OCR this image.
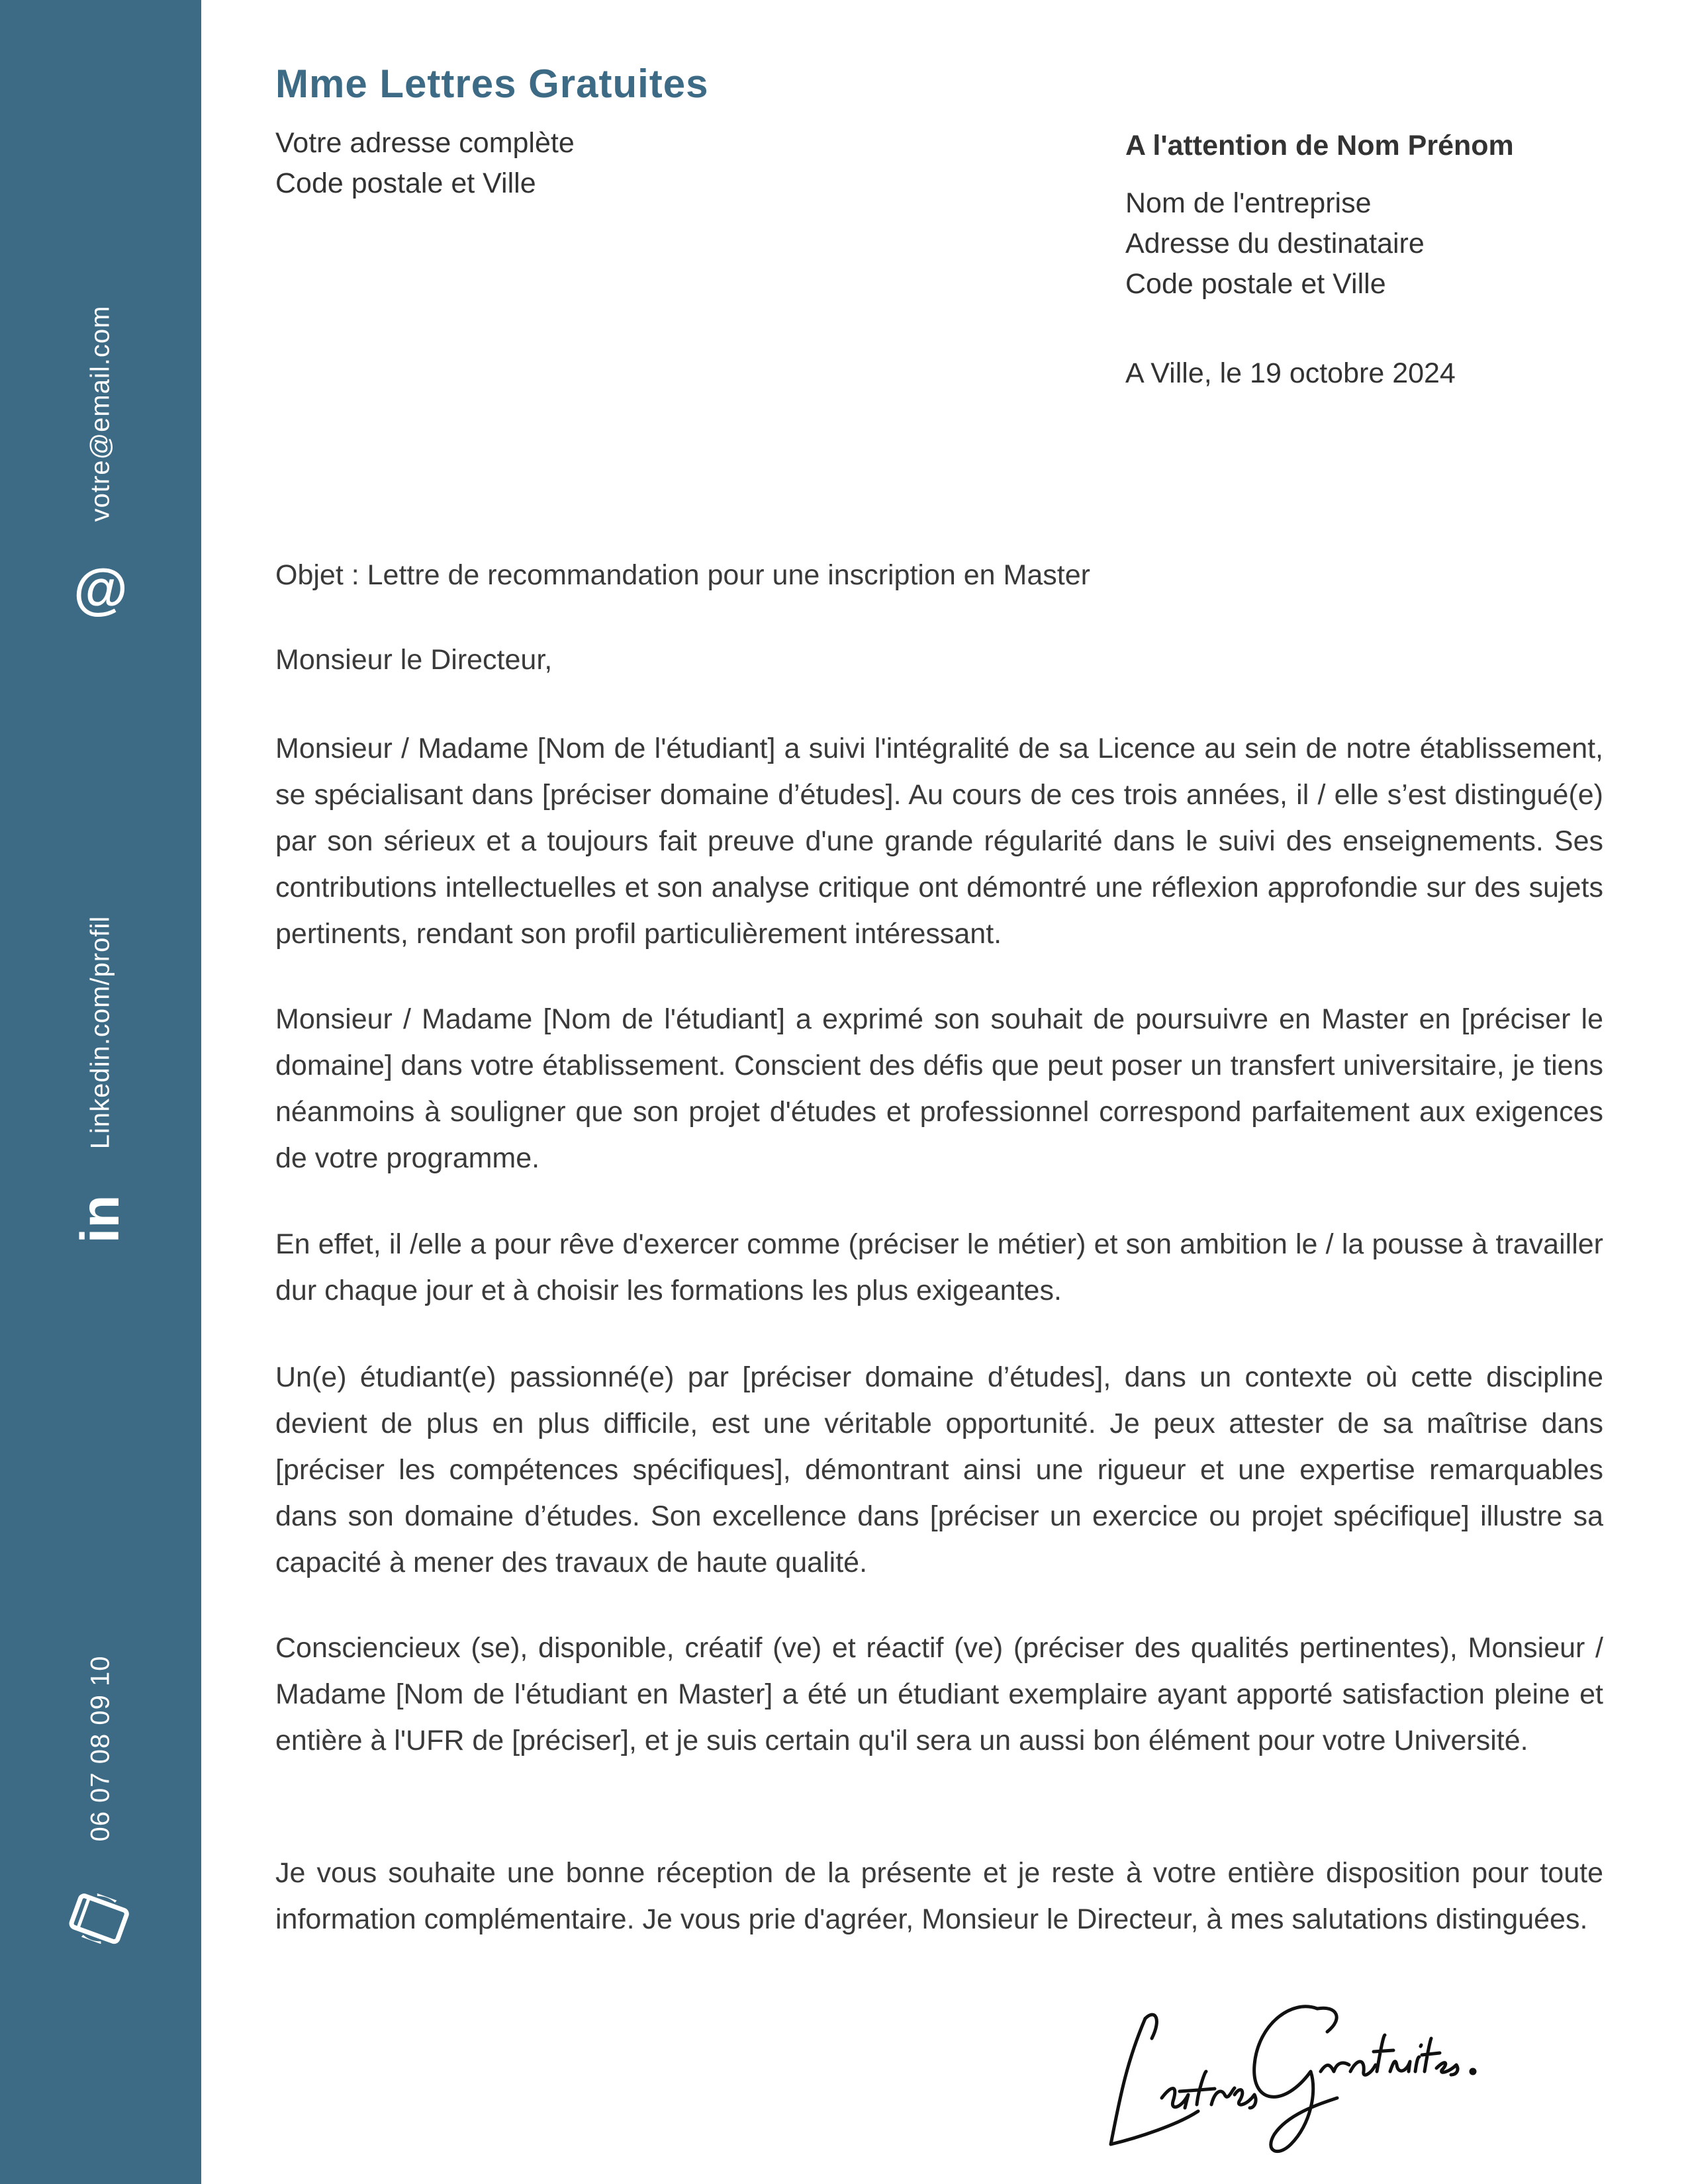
votre@email.com
@
Linkedin.com/profil
in
06 07 08 09 10
Mme Lettres Gratuites
Votre adresse complète
Code postale et Ville
A l'attention de Nom Prénom
Nom de l'entreprise
Adresse du destinataire
Code postale et Ville
A Ville, le 19 octobre 2024
Objet : Lettre de recommandation pour une inscription en Master
Monsieur le Directeur,

Monsieur / Madame [Nom de l'étudiant] a suivi l'intégralité de sa Licence au sein de notre établissement, se spécialisant dans [préciser domaine d’études]. Au cours de ces trois années, il / elle s’est distingué(e) par son sérieux et a toujours fait preuve d'une grande régularité dans le suivi des enseignements. Ses contributions intellectuelles et son analyse critique ont démontré une réflexion approfondie sur des sujets pertinents, rendant son profil particulièrement intéressant.

Monsieur / Madame [Nom de l'étudiant] a exprimé son souhait de poursuivre en Master en [préciser le domaine] dans votre établissement. Conscient des défis que peut poser un transfert universitaire, je tiens néanmoins à souligner que son projet d'études et professionnel correspond parfaitement aux exigences de votre programme.

En effet, il /elle a pour rêve d'exercer comme (préciser le métier) et son ambition le / la pousse à travailler dur chaque jour et à choisir les formations les plus exigeantes.

Un(e) étudiant(e) passionné(e) par [préciser domaine d’études], dans un contexte où cette discipline devient de plus en plus difficile, est une véritable opportunité. Je peux attester de sa maîtrise dans [préciser les compétences spécifiques], démontrant ainsi une rigueur et une expertise remarquables dans son domaine d’études. Son excellence dans [préciser un exercice ou projet spécifique] illustre sa capacité à mener des travaux de haute qualité.

Consciencieux (se), disponible, créatif (ve) et réactif (ve) (préciser des qualités pertinentes), Monsieur / Madame [Nom de l'étudiant en Master] a été un étudiant exemplaire ayant apporté satisfaction pleine et entière à l'UFR de [préciser], et je suis certain qu'il sera un aussi bon élément pour votre Université.

Je vous souhaite une bonne réception de la présente et je reste à votre entière disposition pour toute information complémentaire. Je vous prie d'agréer, Monsieur le Directeur, à mes salutations distinguées.
